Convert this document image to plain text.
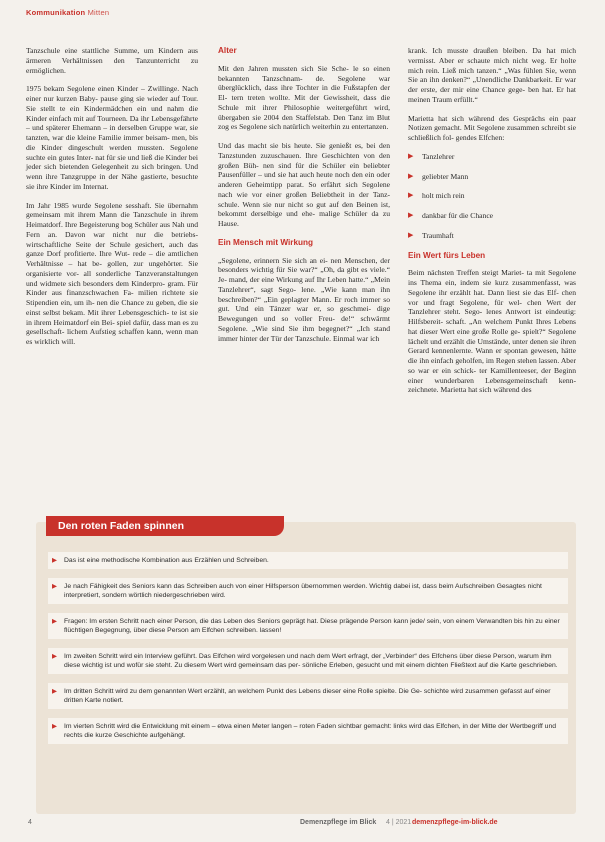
Kommunikation Mitten

Tanzschule eine stattliche Summe, um Kindern aus ärmeren Verhältnissen den Tanzunterricht zu ermöglichen.

1975 bekam Segolene einen Kinder – Zwillinge. Nach einer nur kurzen Baby- pause ging sie wieder auf Tour. Sie stellt te ein Kindermädchen ein und nahm die Kinder einfach mit auf Tourneen. Da ihr Lebensgefährte – und späterer Ehemann – in derselben Gruppe war, sie tanzten, war die kleine Familie immer beisam- men, bis die Kinder dingeschult werden mussten. Segolene suchte ein gutes Inter- nat für sie und ließ die Kinder bei jeder sich bietenden Gelegenheit zu sich bringen. Und wenn ihre Tanzgruppe in der Nähe gastierte, besuchte sie ihre Kinder im Internat.

Im Jahr 1985 wurde Segolene sesshaft. Sie übernahm gemeinsam mit ihrem Mann die Tanzschule in ihrem Heimatdorf. Ihre Begeisterung bog Schüler aus Nah und Fern an. Davon war nicht nur die betriebs- wirtschaftliche Seite der Schule gesichert, auch das ganze Dorf profitierte. Ihre Wut- rede – die amtlichen Verhältnisse – hat be- gollen, zur ungehörter. Sie organisierte vor- all sonderliche Tanzveranstaltungen und widmete sich besonders dem Kinderpro- gram. Für Kinder aus finanzschwachen Fa- milien richtete sie Stipendien ein, um ih- nen die Chance zu geben, die sie einst selbst bekam. Mit ihrer Lebensgeschich- te ist sie in ihrem Heimatdorf ein Bei- spiel dafür, dass man es zu gesellschaft- lichem Aufstieg schaffen kann, wenn man es wirklich will.

Alter

Mit den Jahren mussten sich Sie Sche- le so einen bekannten Tanzschnam- de. Segolene war überglücklich, dass ihre Tochter in die Fußstapfen der El- tern treten wollte. Mit der Gewissheit, dass die Schule mit ihrer Philosophie weitergeführt wird, übergaben sie 2004 den Staffelstab. Den Tanz im Blut zog es Segolene sich natürlich weiterhin zu entertanzen.

Und das macht sie bis heute. Sie genießt es, bei den Tanzstunden zuzuschauen. Ihre Geschichten von den großen Büh- nen sind für die Schüler ein beliebter Pausenfüller – und sie hat auch heute noch den ein oder anderen Geheimtipp parat. So erfährt sich Segolene nach wie vor einer großen Beliebtheit in der Tanz- schule. Wenn sie nur nicht so gut auf den Beinen ist, bekommt derselbige und ehe- malige Schüler da zu Hause.

Ein Mensch mit Wirkung

„Segolene, erinnern Sie sich an ei- nen Menschen, der besonders wichtig für Sie war?“ „Oh, da gibt es viele.“ Je- mand, der eine Wirkung auf Ihr Leben hatte.“ „Mein Tanzlehrer“, sagt Sego- lene. „Wie kann man ihn beschreiben?“ „Ein geplagter Mann. Er roch immer so gut. Und ein Tänzer war er, so geschmei- dige Bewegungen und so voller Freu- de!“ schwärmt Segolene. „Wie sind Sie ihm begegnet?“ „Ich stand immer hinter der Tür der Tanzschule. Einmal war ich

krank. Ich musste draußen bleiben. Da hat mich vermisst. Aber er schaute mich nicht weg. Er holte mich rein. Ließ mich tanzen.“ „Was fühlen Sie, wenn Sie an ihn denken?“ „Unendliche Dankbarkeit. Er war der erste, der mir eine Chance gege- ben hat. Er hat meinen Traum erfüllt.“

Marietta hat sich während des Gesprächs ein paar Notizen gemacht. Mit Segolene zusammen schreibt sie schließlich fol- gendes Elfchen:

▶ Tanzlehrer
▶ geliebter Mann
▶ holt mich rein
▶ dankbar für die Chance
▶ Traumhaft
Ein Wert fürs Leben

Beim nächsten Treffen steigt Mariet- ta mit Segolene ins Thema ein, indem sie kurz zusammenfasst, was Segolene ihr erzählt hat. Dann liest sie das Elf- chen vor und fragt Segolene, für wel- chen Wert der Tanzlehrer steht. Sego- lenes Antwort ist eindeutig: Hilfsbereit- schaft. „An welchem Punkt Ihres Lebens hat dieser Wert eine große Rolle ge- spielt?“ Segolene lächelt und erzählt die Umstände, unter denen sie ihren Gerard kennenlernte. Wann er spontan gewesen, hätte die ihn einfach geholfen, im Regen stehen lassen. Aber so war er ein schick- ter Kamillenteeser, der Beginn einer wunderbaren Lebensgemeinschaft kenn- zeichnete. Marietta hat sich während des

Den roten Faden spinnen
▶ Das ist eine methodische Kombination aus Erzählen und Schreiben.
▶ Je nach Fähigkeit des Seniors kann das Schreiben auch von einer Hilfsperson übernommen werden. Wichtig dabei ist, dass beim Aufschreiben Gesagtes nicht interpretiert, sondern wörtlich niedergeschrieben wird.
▶ Fragen: Im ersten Schritt nach einer Person, die das Leben des Seniors geprägt hat. Diese prägende Person kann jede/ sein, von einem Verwandten bis hin zu einer flüchtigen Begegnung, über diese Person am Elfchen schreiben. lassen!
▶ Im zweiten Schritt wird ein Interview geführt. Das Elfchen wird vorgelesen und nach dem Wert erfragt, der „Verbinder“ des Elfchens über diese Person, warum ihm diese wichtig ist und wofür sie steht. Zu diesem Wert wird gemeinsam das per- sönliche Erleben, gesucht und mit einem dichten Fließtext auf die Karte geschrieben.
▶ Im dritten Schritt wird zu dem genannten Wert erzählt, an welchem Punkt des Lebens dieser eine Rolle spielte. Die Ge- schichte wird zusammen gefasst auf einer dritten Karte notiert.
▶ Im vierten Schritt wird die Entwicklung mit einem – etwa einen Meter langen – roten Faden sichtbar gemacht: links wird das Elfchen, in der Mitte der Wertbegriff und rechts die kurze Geschichte aufgehängt.
4	Demenzpflege im Blick 4 | 2021 demenzpflege-im-blick.de
